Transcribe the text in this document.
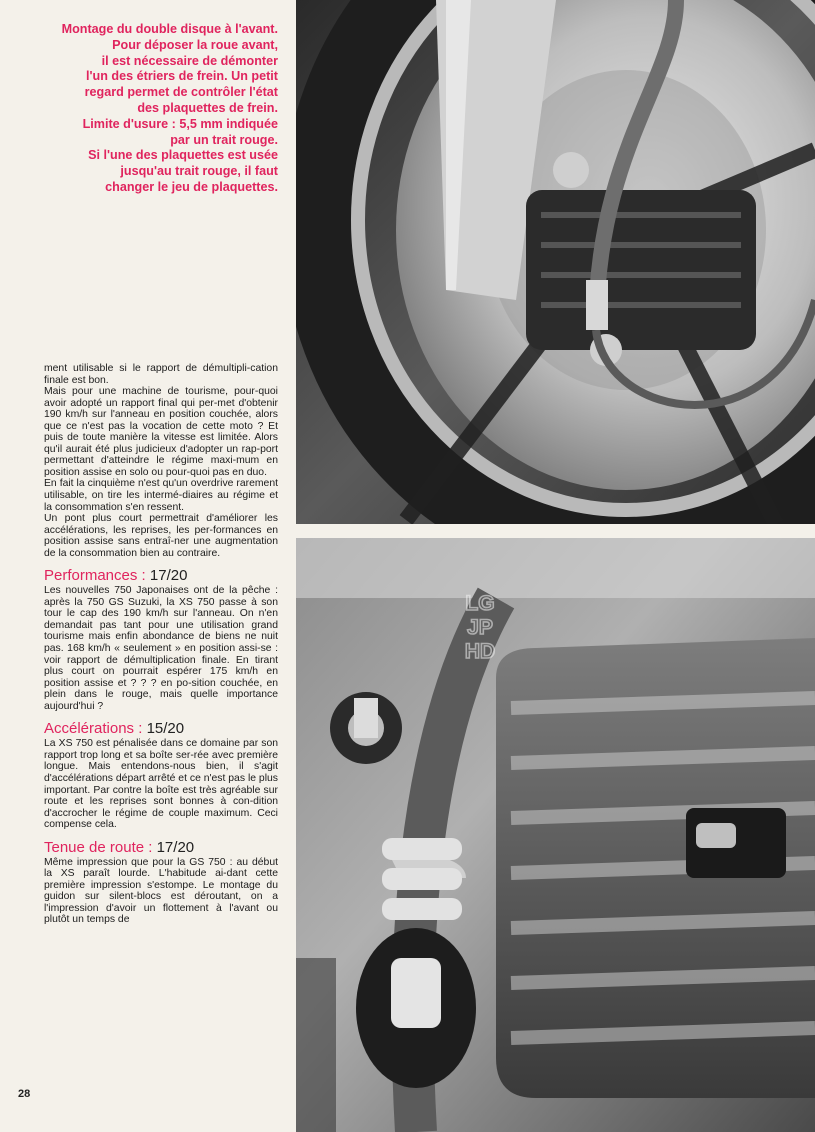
Montage du double disque à l'avant.

Pour déposer la roue avant,

il est nécessaire de démonter

l'un des étriers de frein. Un petit

regard permet de contrôler l'état

des plaquettes de frein.

Limite d'usure : 5,5 mm indiquée

par un trait rouge.

Si l'une des plaquettes est usée

jusqu'au trait rouge, il faut

changer le jeu de plaquettes.

ment utilisable si le rapport de démultipli-cation finale est bon.

Mais pour une machine de tourisme, pour-quoi avoir adopté un rapport final qui per-met d'obtenir 190 km/h sur l'anneau en position couchée, alors que ce n'est pas la vocation de cette moto ? Et puis de toute manière la vitesse est limitée. Alors qu'il aurait été plus judicieux d'adopter un rap-port permettant d'atteindre le régime maxi-mum en position assise en solo ou pour-quoi pas en duo.

En fait la cinquième n'est qu'un overdrive rarement utilisable, on tire les intermé-diaires au régime et la consommation s'en ressent.

Un pont plus court permettrait d'améliorer les accélérations, les reprises, les per-formances en position assise sans entraî-ner une augmentation de la consommation bien au contraire.

Performances : 17/20

Les nouvelles 750 Japonaises ont de la pêche : après la 750 GS Suzuki, la XS 750 passe à son tour le cap des 190 km/h sur l'anneau. On n'en demandait pas tant pour une utilisation grand tourisme mais enfin abondance de biens ne nuit pas. 168 km/h « seulement » en position assi-se : voir rapport de démultiplication finale. En tirant plus court on pourrait espérer 175 km/h en position assise et ? ? ? en po-sition couchée, en plein dans le rouge, mais quelle importance aujourd'hui ?

Accélérations : 15/20

La XS 750 est pénalisée dans ce domaine par son rapport trop long et sa boîte ser-rée avec première longue. Mais entendons-nous bien, il s'agit d'accélérations départ arrêté et ce n'est pas le plus important. Par contre la boîte est très agréable sur route et les reprises sont bonnes à con-dition d'accrocher le régime de couple maximum. Ceci compense cela.

Tenue de route : 17/20

Même impression que pour la GS 750 : au début la XS paraît lourde. L'habitude ai-dant cette première impression s'estompe. Le montage du guidon sur silent-blocs est déroutant, on a l'impression d'avoir un flottement à l'avant ou plutôt un temps de

28
LG
JP
HD
